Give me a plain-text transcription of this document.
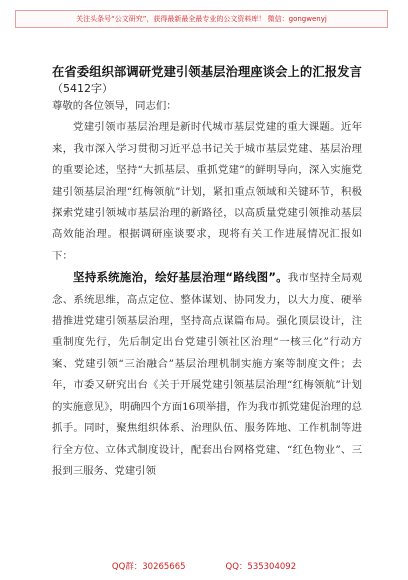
关注头条号“公文研究”，获得最新最全最专业的公文资料库！ 微信：gongwenyj
在省委组织部调研党建引领基层治理座谈会上的汇报发言
（5412字）

尊敬的各位领导，同志们：

党建引领市基层治理是新时代城市基层党建的重大课题。近年来，我市深入学习贯彻习近平总书记关于城市基层党建、基层治理的重要论述，坚持“大抓基层、重抓党建”的鲜明导向，深入实施党建引领基层治理“红梅领航”计划，紧扣重点领域和关键环节，积极探索党建引领城市基层治理的新路径，以高质量党建引领推动基层高效能治理。根据调研座谈要求，现将有关工作进展情况汇报如下：

坚持系统施治，绘好基层治理“路线图”。我市坚持全局观念、系统思维，高点定位、整体谋划、协同发力，以大力度、硬举措推进党建引领基层治理，坚持高点谋篇布局。强化顶层设计，注重制度先行，先后制定出台党建引领社区治理“一核三化”行动方案、党建引领“三治融合”基层治理机制实施方案等制度文件；去年，市委又研究出台《关于开展党建引领基层治理“红梅领航”计划的实施意见》，明确四个方面16项举措，作为我市抓党建促治理的总抓手。同时，聚焦组织体系、治理队伍、服务阵地、工作机制等进行全方位、立体式制度设计，配套出台网格党建、“红色物业”、三报到三服务、党建引领

QQ群：30265665	QQ：535304092
